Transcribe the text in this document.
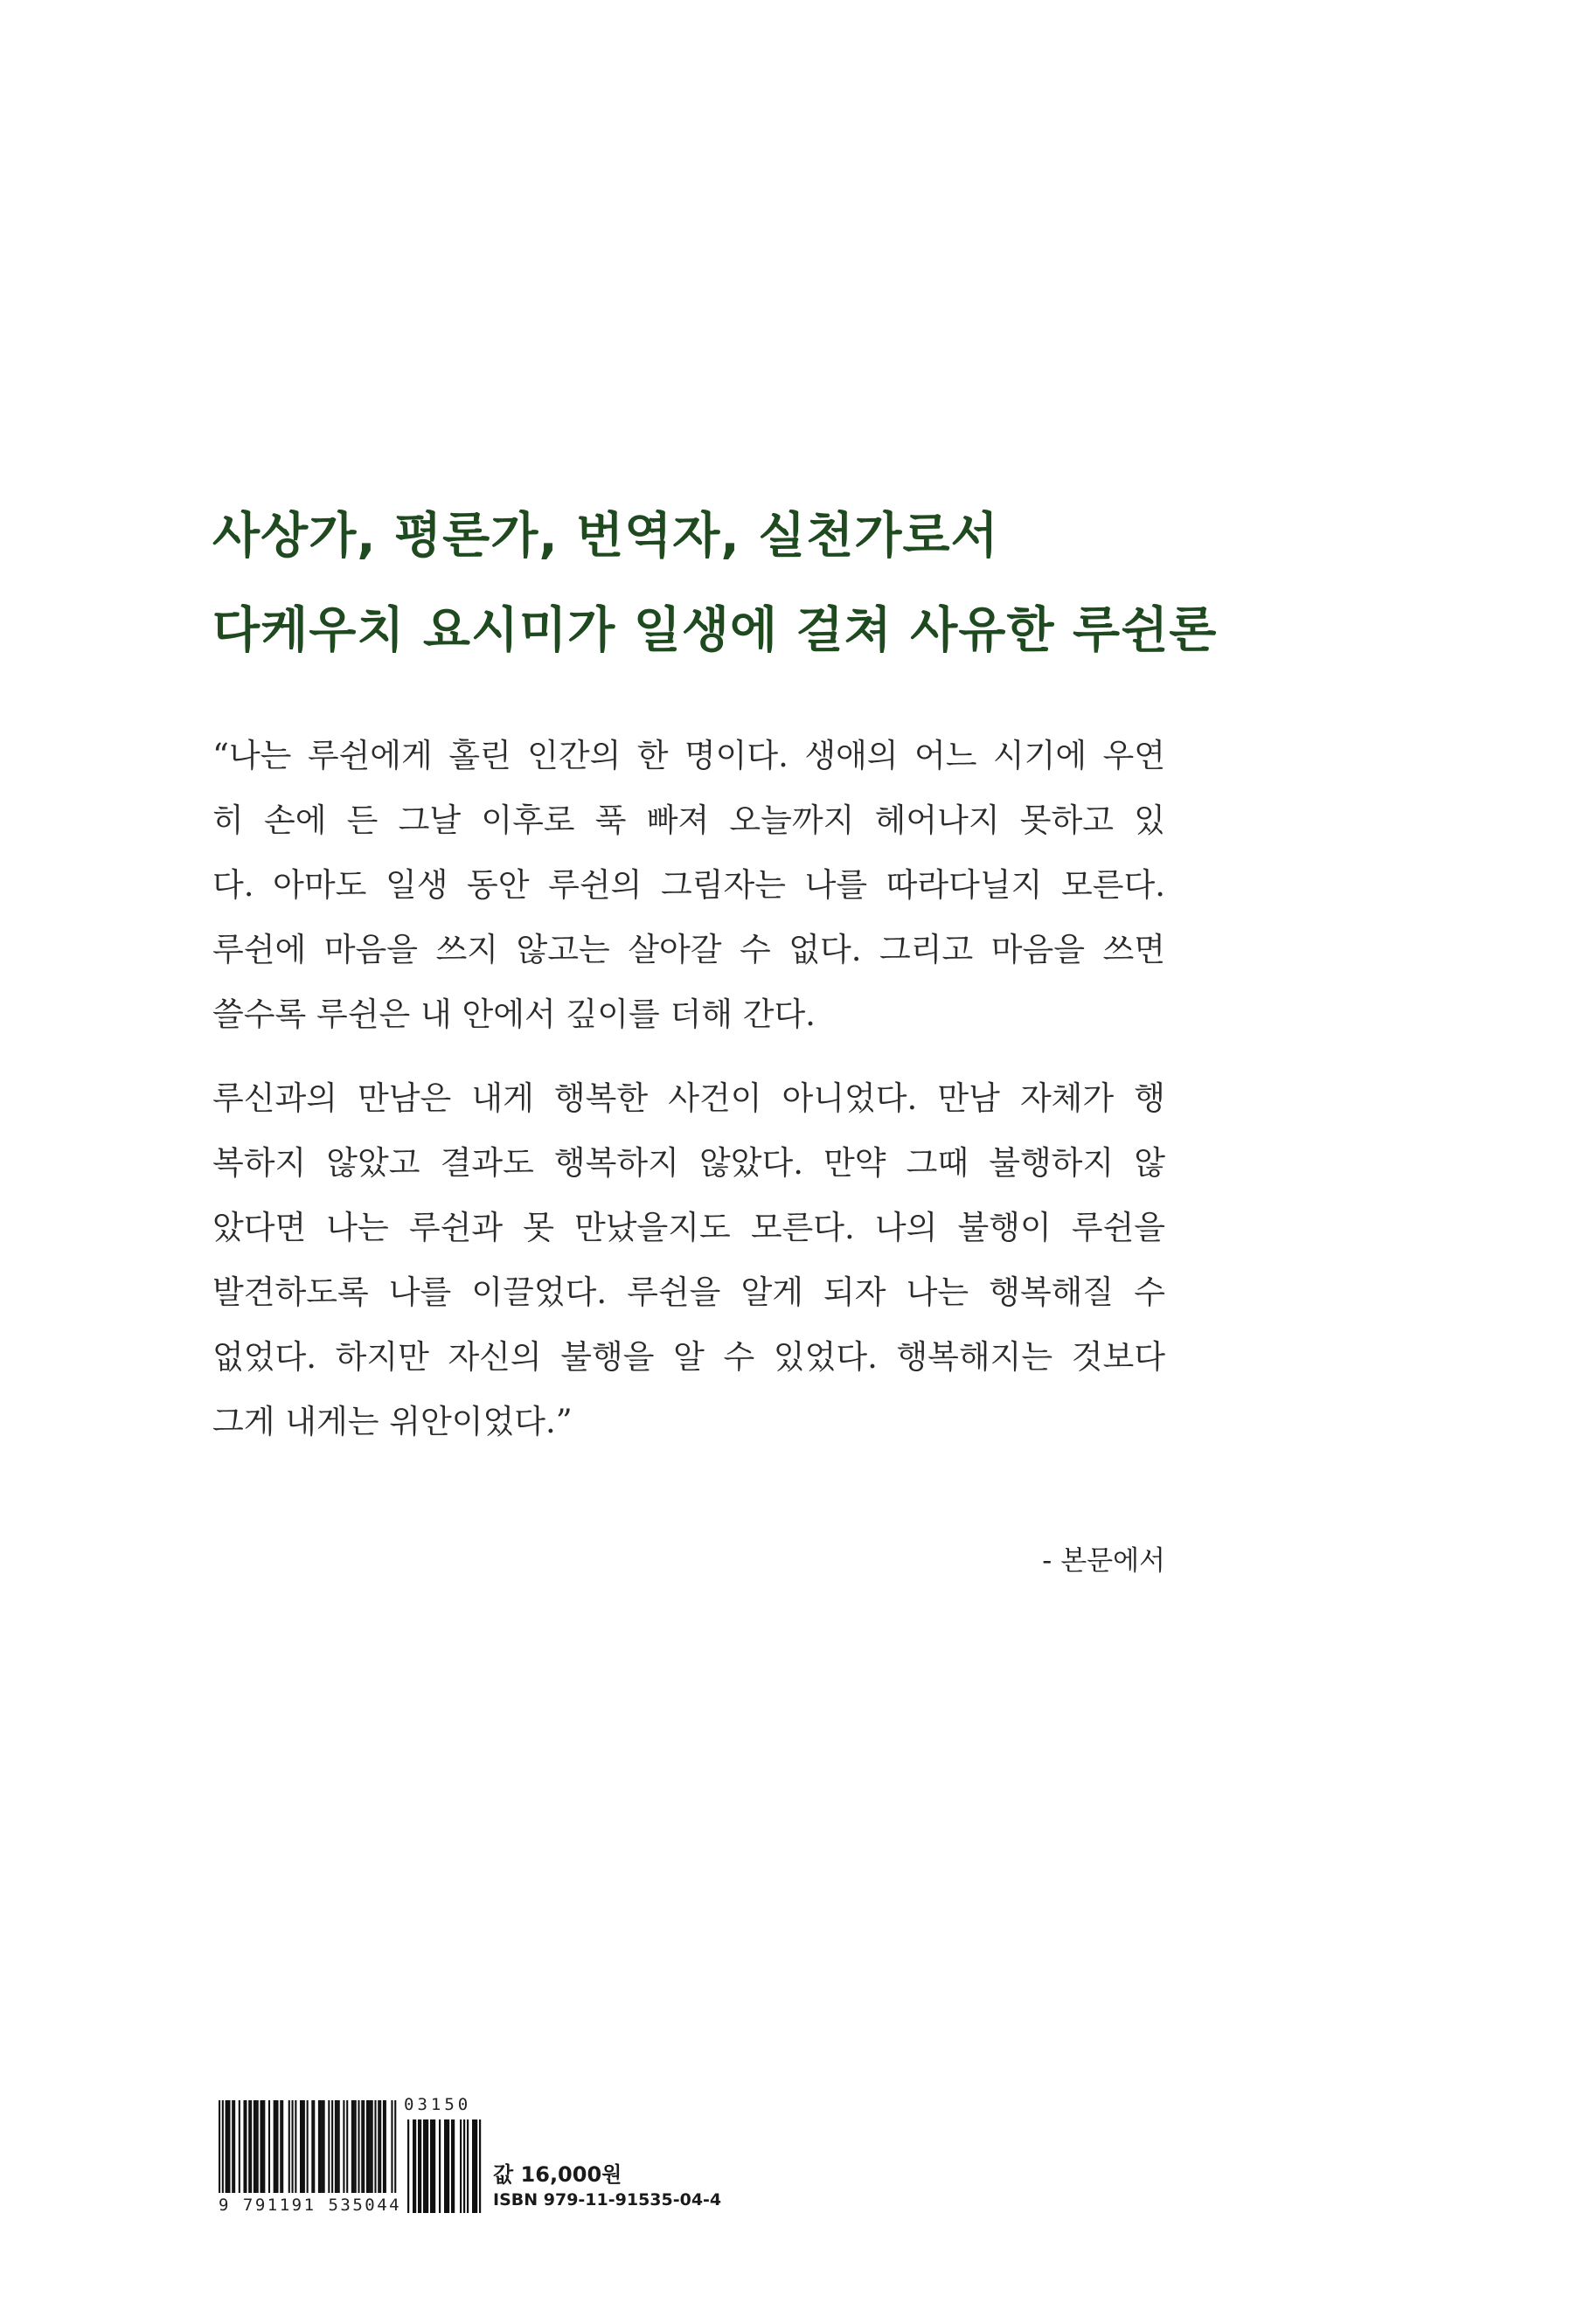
사상가, 평론가, 번역자, 실천가로서
다케우치 요시미가 일생에 걸쳐 사유한 루쉰론

“나는 루쉰에게 홀린 인간의 한 명이다. 생애의 어느 시기에 우연
히 손에 든 그날 이후로 푹 빠져 오늘까지 헤어나지 못하고 있
다. 아마도 일생 동안 루쉰의 그림자는 나를 따라다닐지 모른다.
루쉰에 마음을 쓰지 않고는 살아갈 수 없다. 그리고 마음을 쓰면
쓸수록 루쉰은 내 안에서 깊이를 더해 간다.

루신과의 만남은 내게 행복한 사건이 아니었다. 만남 자체가 행
복하지 않았고 결과도 행복하지 않았다. 만약 그때 불행하지 않
았다면 나는 루쉰과 못 만났을지도 모른다. 나의 불행이 루쉰을
발견하도록 나를 이끌었다. 루쉰을 알게 되자 나는 행복해질 수
없었다. 하지만 자신의 불행을 알 수 있었다. 행복해지는 것보다
그게 내게는 위안이었다.”

- 본문에서
9 791191 535044
03150
값 16,000원
ISBN 979-11-91535-04-4
